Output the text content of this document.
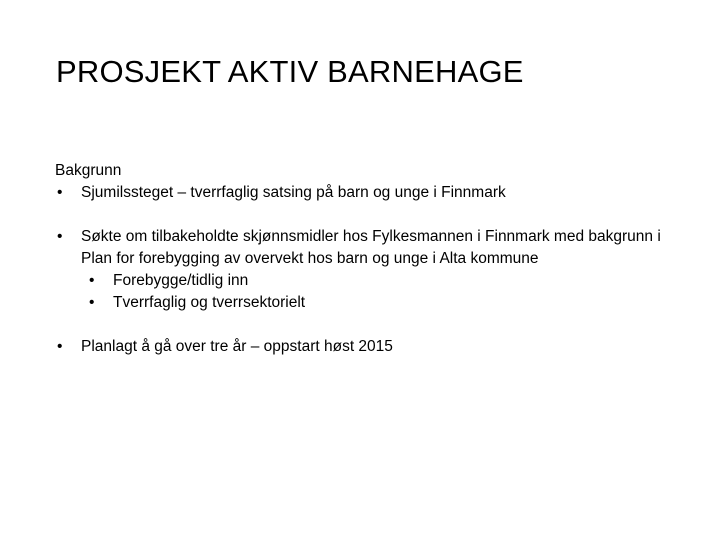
PROSJEKT AKTIV BARNEHAGE
Bakgrunn
• Sjumilssteget – tverrfaglig satsing på barn og unge i Finnmark
• Søkte om tilbakeholdte skjønnsmidler hos Fylkesmannen i Finnmark med bakgrunn i Plan for forebygging av overvekt hos barn og unge i Alta kommune
• Forebygge/tidlig inn
• Tverrfaglig og tverrsektorielt
• Planlagt å gå over tre år – oppstart høst 2015
